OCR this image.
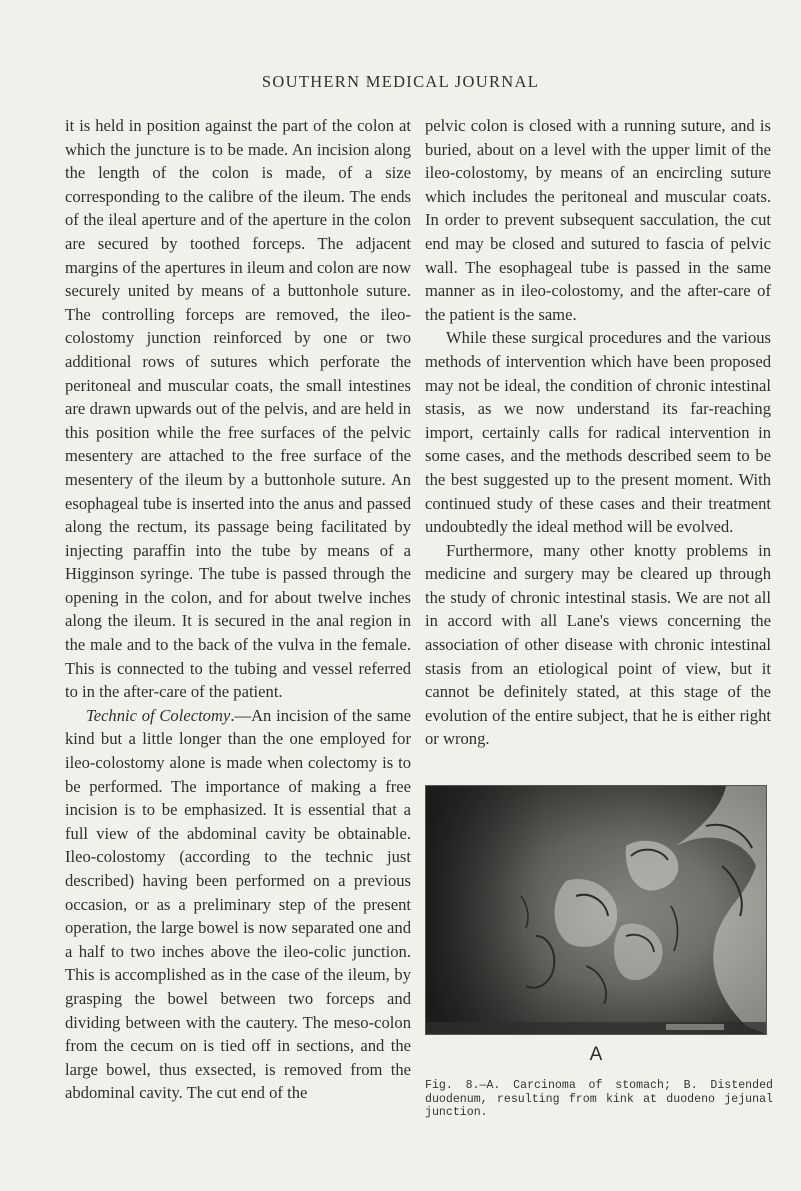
SOUTHERN MEDICAL JOURNAL

it is held in position against the part of the colon at which the juncture is to be made. An incision along the length of the colon is made, of a size corresponding to the calibre of the ileum. The ends of the ileal aperture and of the aperture in the colon are secured by toothed forceps. The adjacent margins of the apertures in ileum and colon are now securely united by means of a buttonhole suture. The controlling forceps are removed, the ileo-colostomy junction reinforced by one or two additional rows of sutures which perforate the peritoneal and muscular coats, the small intestines are drawn upwards out of the pelvis, and are held in this position while the free surfaces of the pelvic mesentery are attached to the free surface of the mesentery of the ileum by a buttonhole suture. An esophageal tube is inserted into the anus and passed along the rectum, its passage being facilitated by injecting paraffin into the tube by means of a Higginson syringe. The tube is passed through the opening in the colon, and for about twelve inches along the ileum. It is secured in the anal region in the male and to the back of the vulva in the female. This is connected to the tubing and vessel referred to in the after-care of the patient.

Technic of Colectomy.—An incision of the same kind but a little longer than the one employed for ileo-colostomy alone is made when colectomy is to be performed. The importance of making a free incision is to be emphasized. It is essential that a full view of the abdominal cavity be obtainable. Ileo-colostomy (according to the technic just described) having been performed on a previous occasion, or as a preliminary step of the present operation, the large bowel is now separated one and a half to two inches above the ileo-colic junction. This is accomplished as in the case of the ileum, by grasping the bowel between two forceps and dividing between with the cautery. The meso-colon from the cecum on is tied off in sections, and the large bowel, thus exsected, is removed from the abdominal cavity. The cut end of the

pelvic colon is closed with a running suture, and is buried, about on a level with the upper limit of the ileo-colostomy, by means of an encircling suture which includes the peritoneal and muscular coats. In order to prevent subsequent sacculation, the cut end may be closed and sutured to fascia of pelvic wall. The esophageal tube is passed in the same manner as in ileo-colostomy, and the after-care of the patient is the same.

While these surgical procedures and the various methods of intervention which have been proposed may not be ideal, the condition of chronic intestinal stasis, as we now understand its far-reaching import, certainly calls for radical intervention in some cases, and the methods described seem to be the best suggested up to the present moment. With continued study of these cases and their treatment undoubtedly the ideal method will be evolved.

Furthermore, many other knotty problems in medicine and surgery may be cleared up through the study of chronic intestinal stasis. We are not all in accord with all Lane's views concerning the association of other disease with chronic intestinal stasis from an etiological point of view, but it cannot be definitely stated, at this stage of the evolution of the entire subject, that he is either right or wrong.

A
Fig. 8.—A. Carcinoma of stomach; B. Distended duodenum, resulting from kink at duodeno jejunal junction.
